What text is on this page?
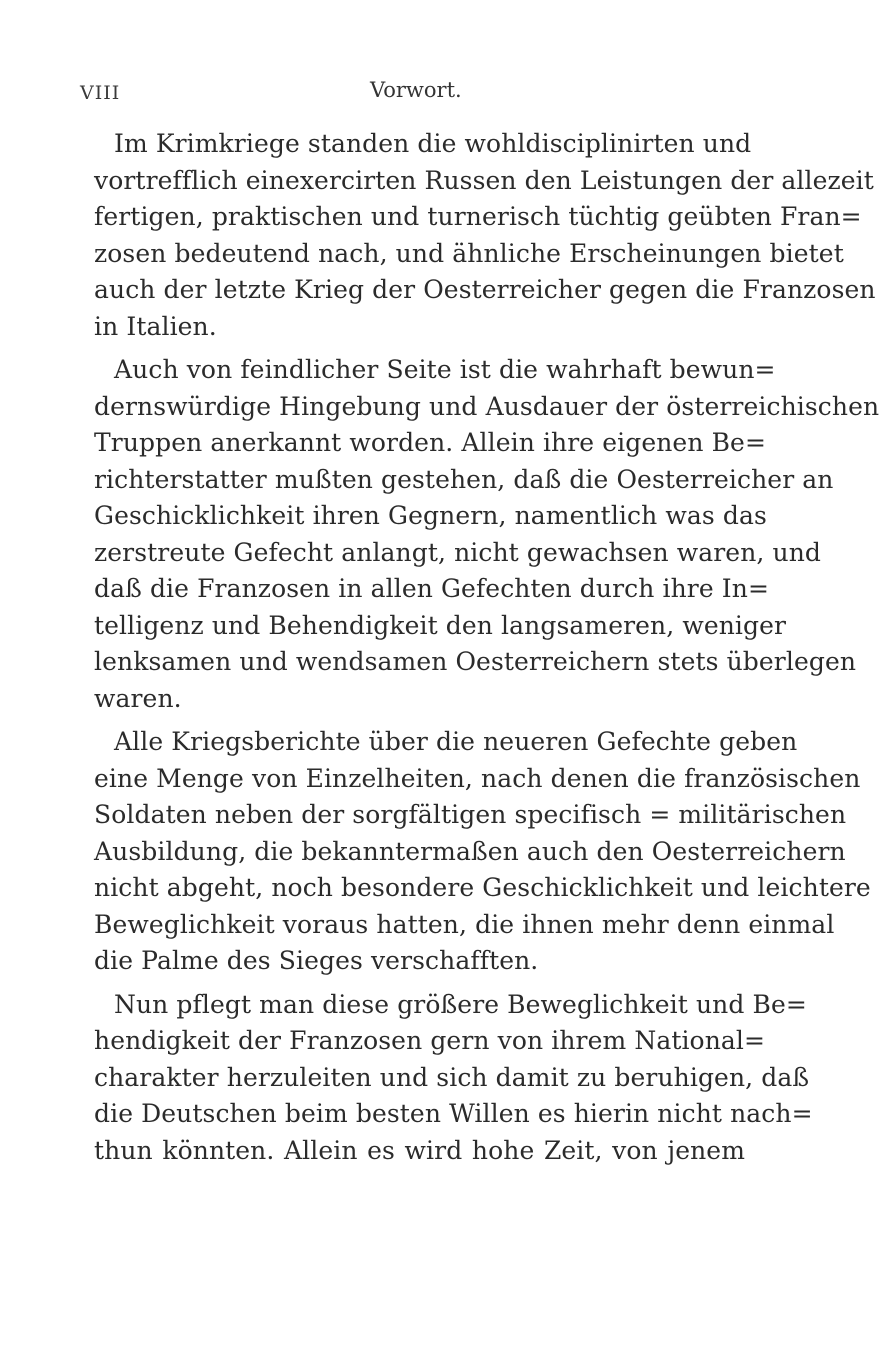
VIII	Vorwort.

Im Krimkriege standen die wohldisciplinirten und
vortrefflich einexercirten Russen den Leistungen der allezeit
fertigen, praktischen und turnerisch tüchtig geübten Fran=
zosen bedeutend nach, und ähnliche Erscheinungen bietet
auch der letzte Krieg der Oesterreicher gegen die Franzosen
in Italien.

Auch von feindlicher Seite ist die wahrhaft bewun=
dernswürdige Hingebung und Ausdauer der österreichischen
Truppen anerkannt worden. Allein ihre eigenen Be=
richterstatter mußten gestehen, daß die Oesterreicher an
Geschicklichkeit ihren Gegnern, namentlich was das
zerstreute Gefecht anlangt, nicht gewachsen waren, und
daß die Franzosen in allen Gefechten durch ihre In=
telligenz und Behendigkeit den langsameren, weniger
lenksamen und wendsamen Oesterreichern stets überlegen
waren.

Alle Kriegsberichte über die neueren Gefechte geben
eine Menge von Einzelheiten, nach denen die französischen
Soldaten neben der sorgfältigen specifisch = militärischen
Ausbildung, die bekanntermaßen auch den Oesterreichern
nicht abgeht, noch besondere Geschicklichkeit und leichtere
Beweglichkeit voraus hatten, die ihnen mehr denn einmal
die Palme des Sieges verschafften.

Nun pflegt man diese größere Beweglichkeit und Be=
hendigkeit der Franzosen gern von ihrem National=
charakter herzuleiten und sich damit zu beruhigen, daß
die Deutschen beim besten Willen es hierin nicht nach=
thun könnten. Allein es wird hohe Zeit, von jenem
